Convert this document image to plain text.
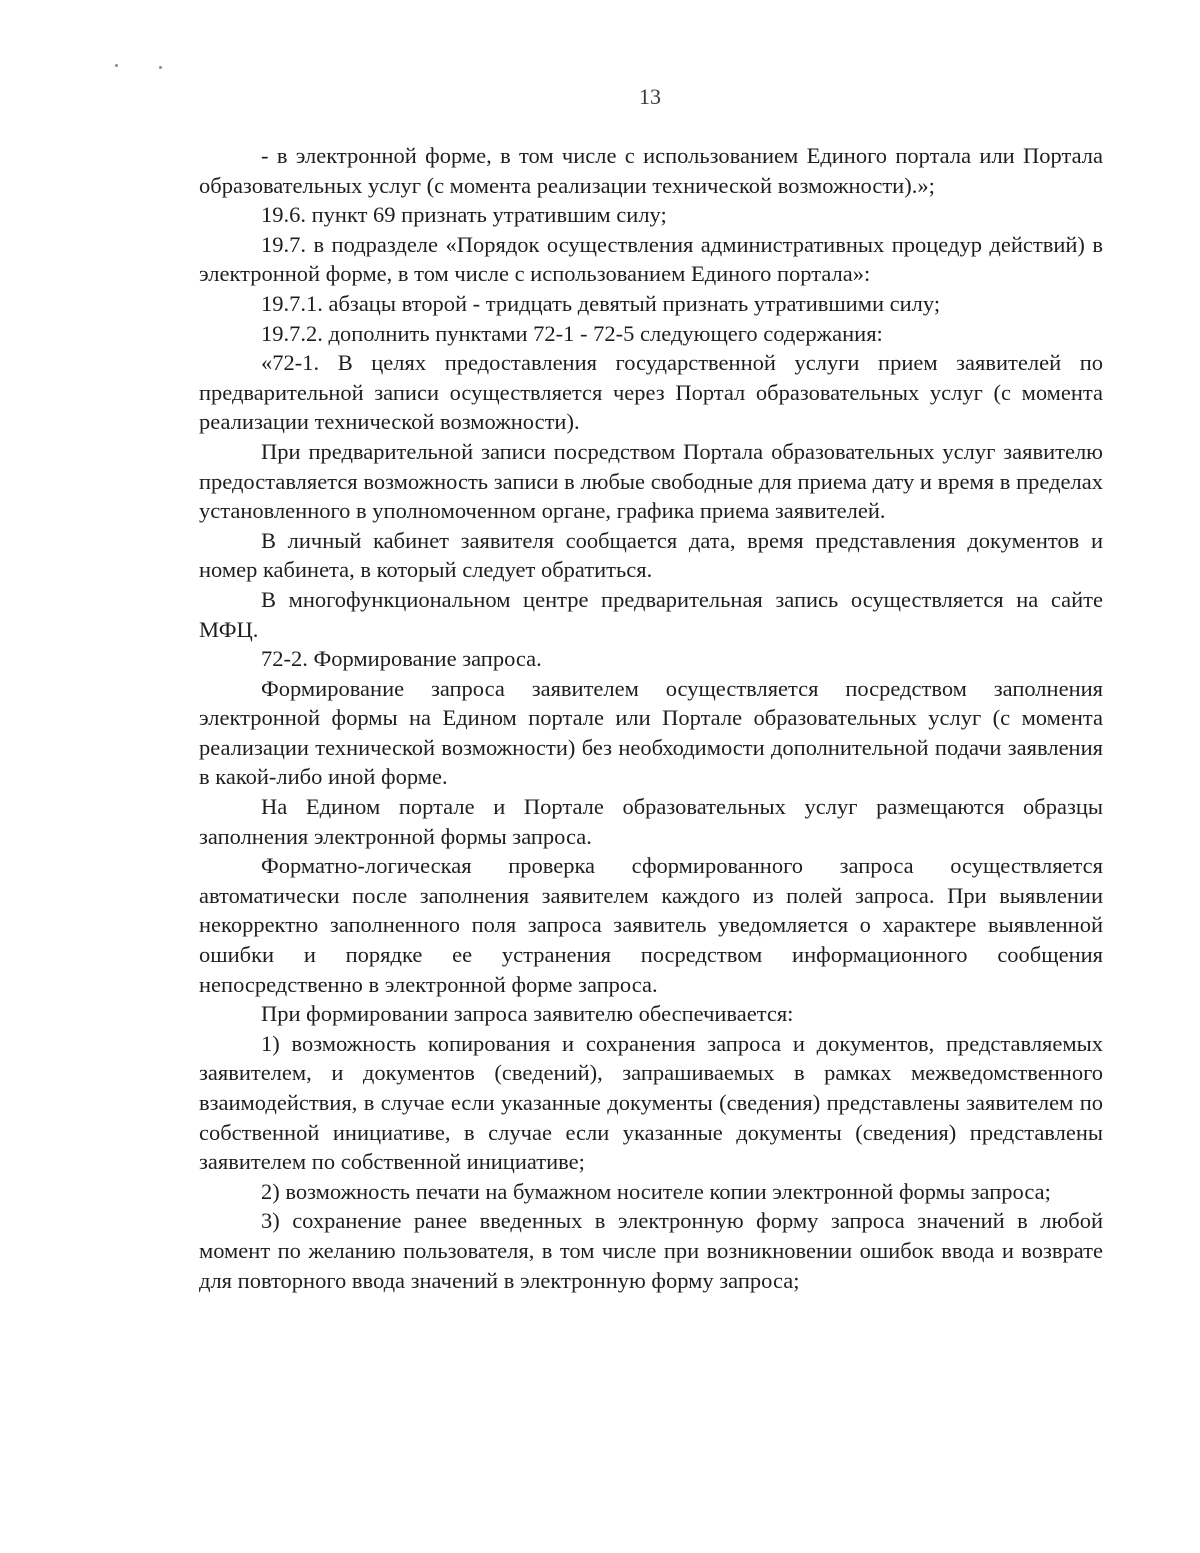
13

- в электронной форме, в том числе с использованием Единого портала или Портала образовательных услуг (с момента реализации технической возможности).»;

19.6. пункт 69 признать утратившим силу;

19.7. в подразделе «Порядок осуществления административных процедур действий) в электронной форме, в том числе с использованием Единого портала»:

19.7.1. абзацы второй - тридцать девятый признать утратившими силу;

19.7.2. дополнить пунктами 72-1 - 72-5 следующего содержания:

«72-1. В целях предоставления государственной услуги прием заявителей по предварительной записи осуществляется через Портал образовательных услуг (с момента реализации технической возможности).

При предварительной записи посредством Портала образовательных услуг заявителю предоставляется возможность записи в любые свободные для приема дату и время в пределах установленного в уполномоченном органе, графика приема заявителей.

В личный кабинет заявителя сообщается дата, время представления документов и номер кабинета, в который следует обратиться.

В многофункциональном центре предварительная запись осуществляется на сайте МФЦ.

72-2. Формирование запроса.

Формирование запроса заявителем осуществляется посредством заполнения электронной формы на Едином портале или Портале образовательных услуг (с момента реализации технической возможности) без необходимости дополнительной подачи заявления в какой-либо иной форме.

На Едином портале и Портале образовательных услуг размещаются образцы заполнения электронной формы запроса.

Форматно-логическая проверка сформированного запроса осуществляется автоматически после заполнения заявителем каждого из полей запроса. При выявлении некорректно заполненного поля запроса заявитель уведомляется о характере выявленной ошибки и порядке ее устранения посредством информационного сообщения непосредственно в электронной форме запроса.

При формировании запроса заявителю обеспечивается:

1) возможность копирования и сохранения запроса и документов, представляемых заявителем, и документов (сведений), запрашиваемых в рамках межведомственного взаимодействия, в случае если указанные документы (сведения) представлены заявителем по собственной инициативе, в случае если указанные документы (сведения) представлены заявителем по собственной инициативе;

2) возможность печати на бумажном носителе копии электронной формы запроса;

3) сохранение ранее введенных в электронную форму запроса значений в любой момент по желанию пользователя, в том числе при возникновении ошибок ввода и возврате для повторного ввода значений в электронную форму запроса;
